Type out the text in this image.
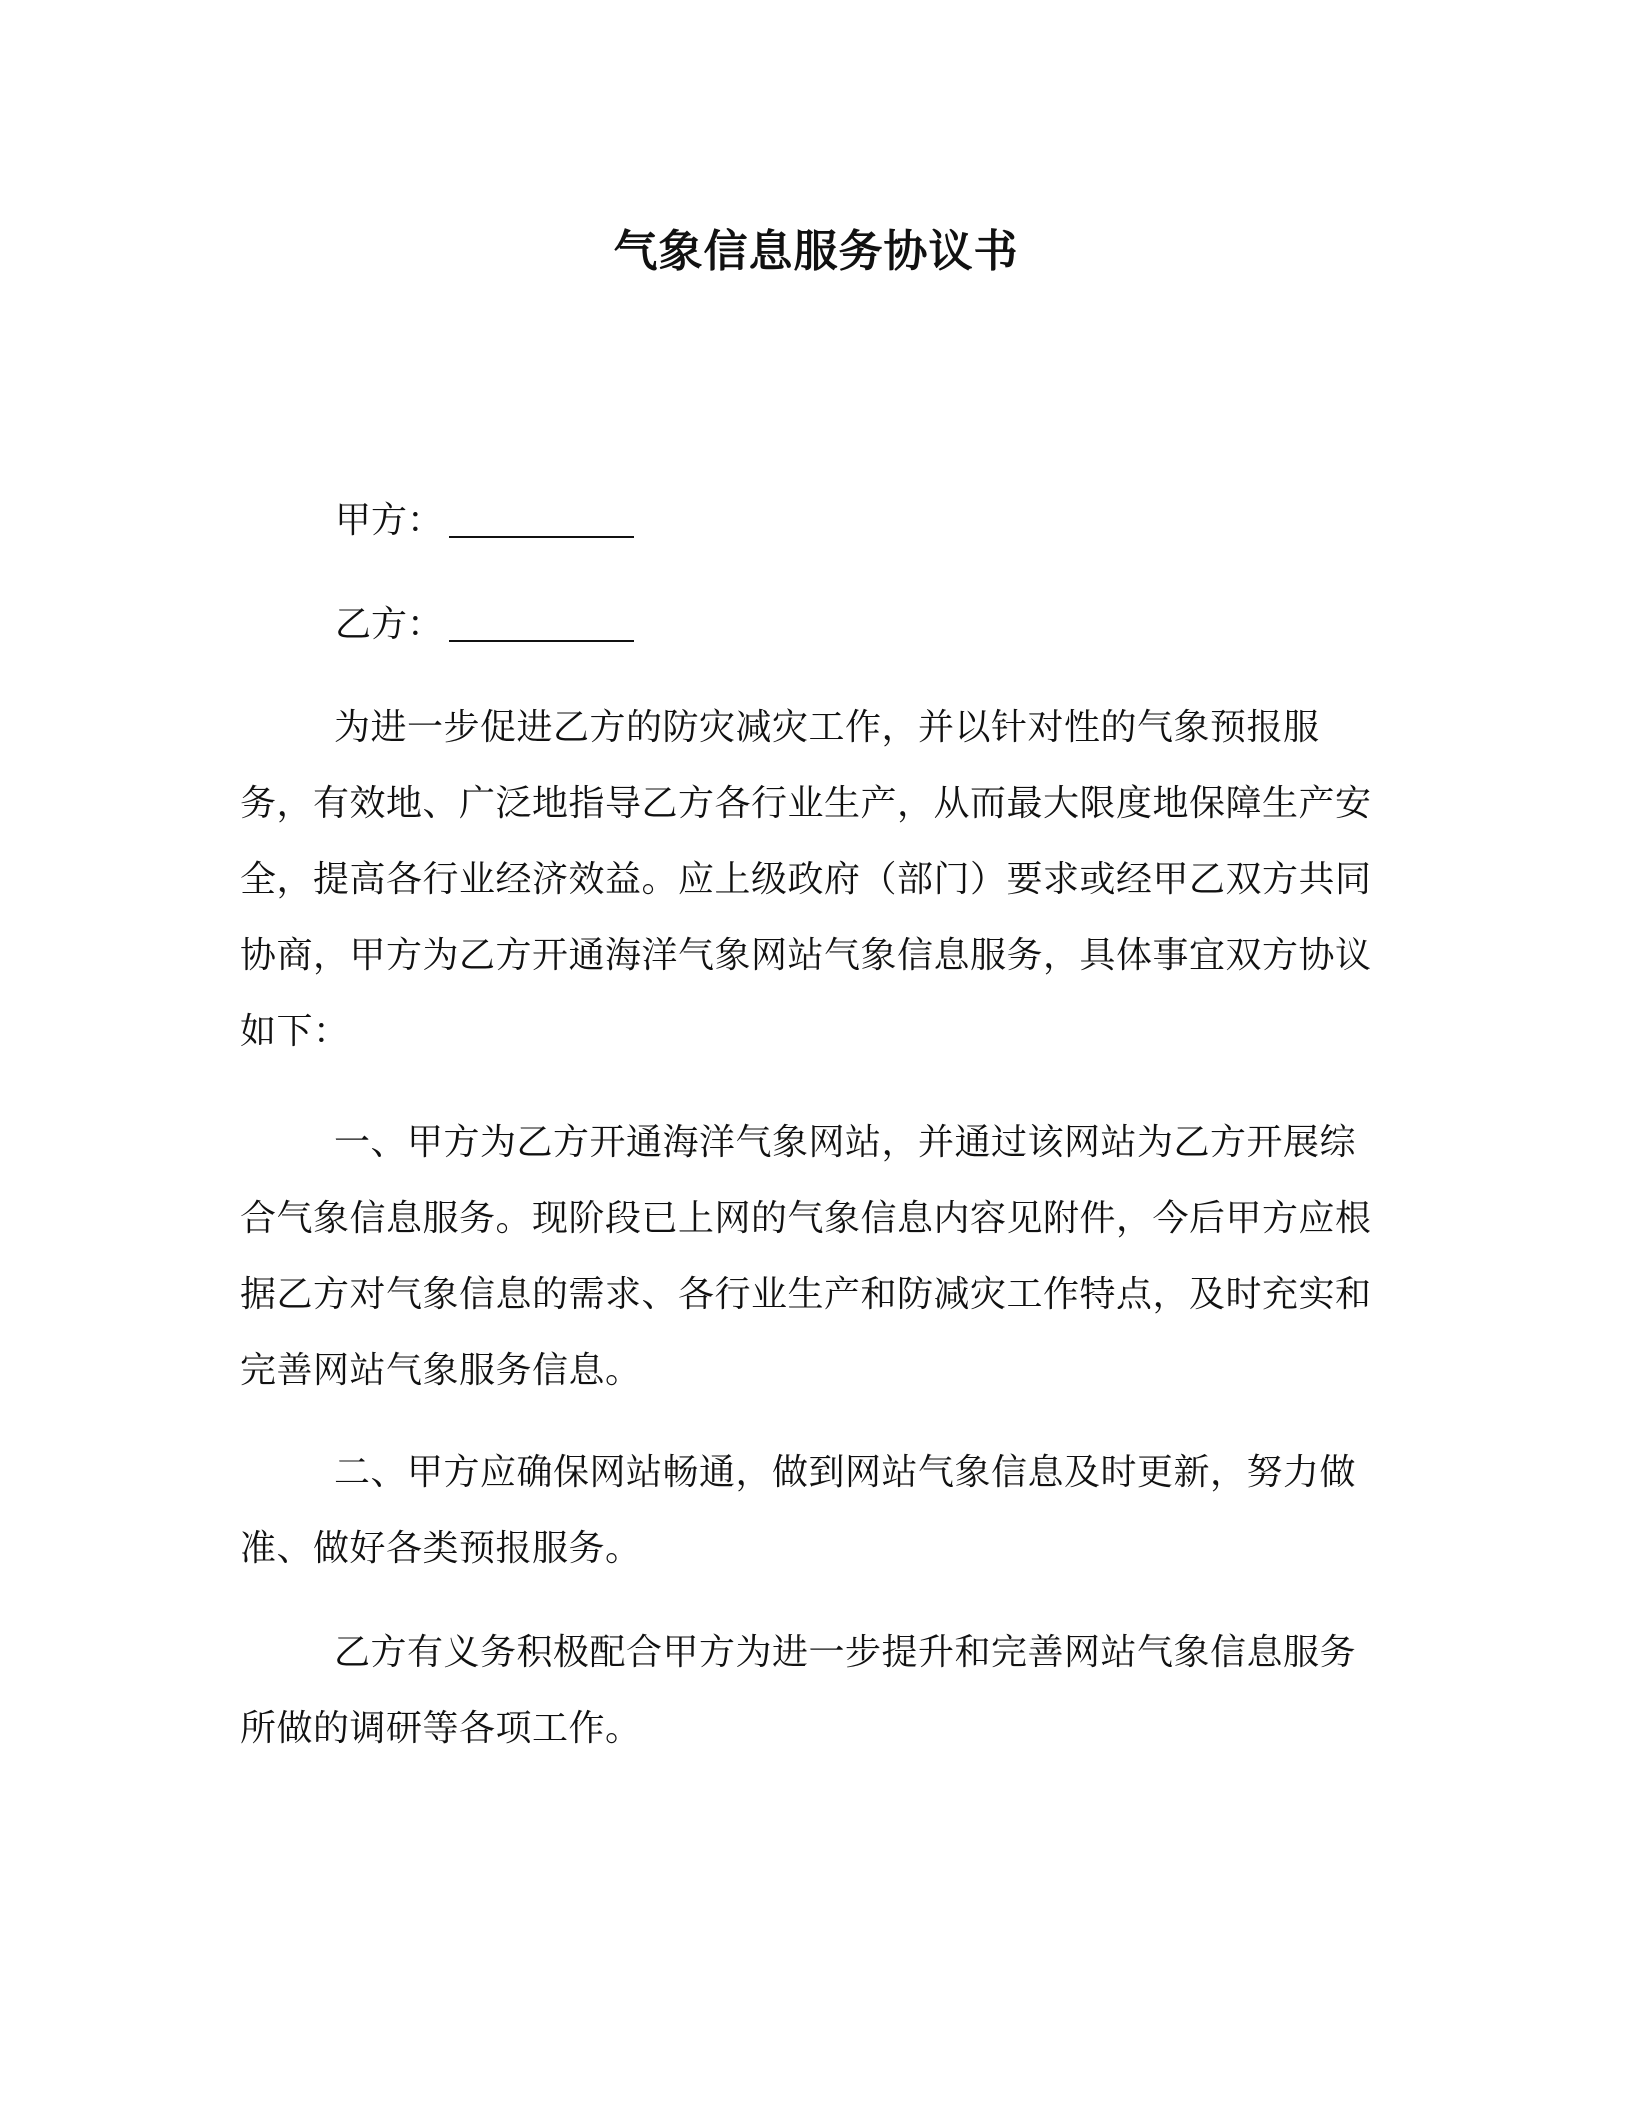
气象信息服务协议书
甲方：
乙方：

为进一步促进乙方的防灾减灾工作，并以针对性的气象预报服务，有效地、广泛地指导乙方各行业生产，从而最大限度地保障生产安全，提高各行业经济效益。应上级政府（部门）要求或经甲乙双方共同协商，甲方为乙方开通海洋气象网站气象信息服务，具体事宜双方协议如下：

一、甲方为乙方开通海洋气象网站，并通过该网站为乙方开展综合气象信息服务。现阶段已上网的气象信息内容见附件，今后甲方应根据乙方对气象信息的需求、各行业生产和防减灾工作特点，及时充实和完善网站气象服务信息。

二、甲方应确保网站畅通，做到网站气象信息及时更新，努力做准、做好各类预报服务。

乙方有义务积极配合甲方为进一步提升和完善网站气象信息服务所做的调研等各项工作。
